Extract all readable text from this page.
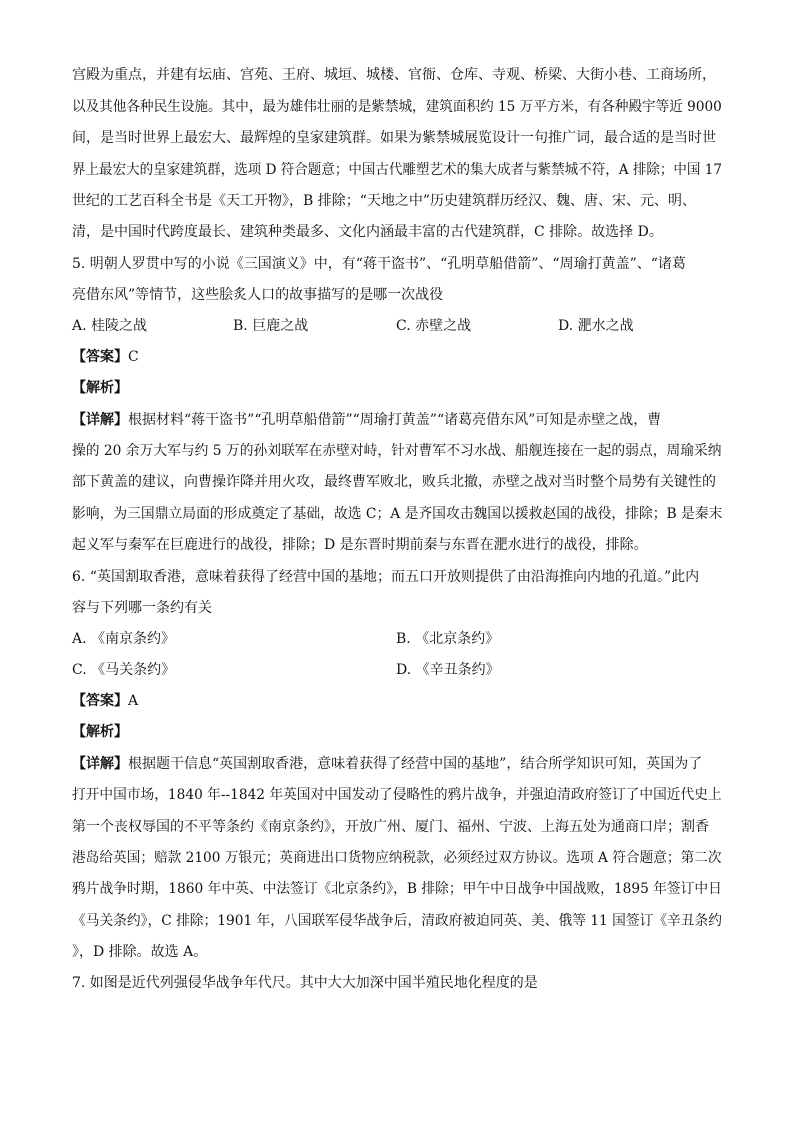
宫殿为重点，并建有坛庙、宫苑、王府、城垣、城楼、官衙、仓库、寺观、桥梁、大街小巷、工商场所，
以及其他各种民生设施。其中，最为雄伟壮丽的是紫禁城，建筑面积约 15 万平方米，有各种殿宇等近 9000
间，是当时世界上最宏大、最辉煌的皇家建筑群。如果为紫禁城展览设计一句推广词，最合适的是当时世
界上最宏大的皇家建筑群，选项 D 符合题意；中国古代雕塑艺术的集大成者与紫禁城不符，A 排除；中国 17
世纪的工艺百科全书是《天工开物》，B 排除；“天地之中”历史建筑群历经汉、魏、唐、宋、元、明、
清，是中国时代跨度最长、建筑种类最多、文化内涵最丰富的古代建筑群，C 排除。故选择 D。
5. 明朝人罗贯中写的小说《三国演义》中，有“蒋干盗书”、“孔明草船借箭”、“周瑜打黄盖”、“诸葛
亮借东风”等情节，这些脍炙人口的故事描写的是哪一次战役
A. 桂陵之战	B. 巨鹿之战	C. 赤壁之战	D. 淝水之战
【答案】C
【解析】
【详解】根据材料“蒋干盗书”“孔明草船借箭”“周瑜打黄盖”“诸葛亮借东风”可知是赤壁之战，曹
操的 20 余万大军与约 5 万的孙刘联军在赤壁对峙，针对曹军不习水战、船舰连接在一起的弱点，周瑜采纳
部下黄盖的建议，向曹操诈降并用火攻，最终曹军败北，败兵北撤，赤壁之战对当时整个局势有关键性的
影响，为三国鼎立局面的形成奠定了基础，故选 C；A 是齐国攻击魏国以援救赵国的战役，排除；B 是秦末
起义军与秦军在巨鹿进行的战役，排除；D 是东晋时期前秦与东晋在淝水进行的战役，排除。
6. “英国割取香港，意味着获得了经营中国的基地；而五口开放则提供了由沿海推向内地的孔道。”此内
容与下列哪一条约有关
A. 《南京条约》	B. 《北京条约》
C. 《马关条约》	D. 《辛丑条约》
【答案】A
【解析】
【详解】根据题干信息“英国割取香港，意味着获得了经营中国的基地”，结合所学知识可知，英国为了
打开中国市场，1840 年--1842 年英国对中国发动了侵略性的鸦片战争，并强迫清政府签订了中国近代史上
第一个丧权辱国的不平等条约《南京条约》，开放广州、厦门、福州、宁波、上海五处为通商口岸；割香
港岛给英国；赔款 2100 万银元；英商进出口货物应纳税款，必须经过双方协议。选项 A 符合题意；第二次
鸦片战争时期，1860 年中英、中法签订《北京条约》，B 排除；甲午中日战争中国战败，1895 年签订中日
《马关条约》，C 排除；1901 年，八国联军侵华战争后，清政府被迫同英、美、俄等 11 国签订《辛丑条约
》，D 排除。故选 A。
7. 如图是近代列强侵华战争年代尺。其中大大加深中国半殖民地化程度的是
